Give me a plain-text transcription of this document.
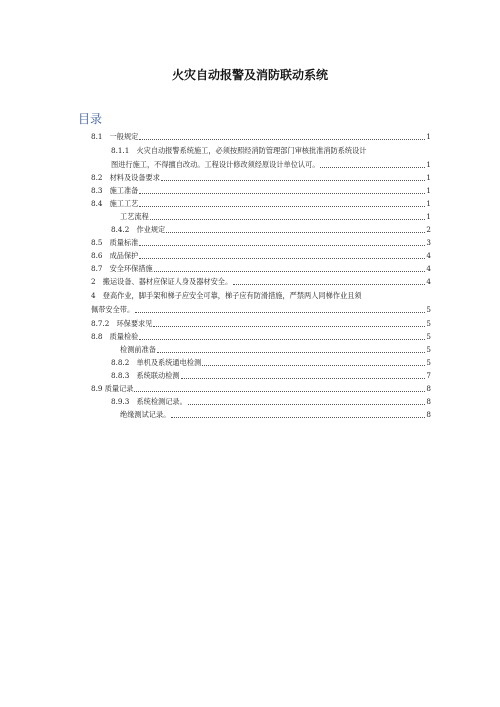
火灾自动报警及消防联动系统
目录
8.1　一般规定	1
8.1.1　火灾自动报警系统施工，必须按照经消防管理部门审核批准消防系统设计
图进行施工，不得擅自改动。工程设计修改须经原设计单位认可。	1
8.2　材料及设备要求	1
8.3　施工准备	1
8.4　施工工艺	1
工艺流程	1
8.4.2　作业规定	2
8.5　质量标准	3
8.6　成品保护	4
8.7　安全环保措施	4
2　搬运设备、器材应保证人身及器材安全。	4
4　登高作业，脚手架和梯子应安全可靠，梯子应有防滑措施，严禁两人同梯作业且须
佩带安全带。	5
8.7.2　环保要求见	5
8.8　质量检验	5
检测前准备	5
8.8.2　单机及系统通电检测	5
8.8.3　系统联动检测	7
8.9 质量记录	8
8.9.3　系统检测记录。	8
绝缘测试记录。	8
